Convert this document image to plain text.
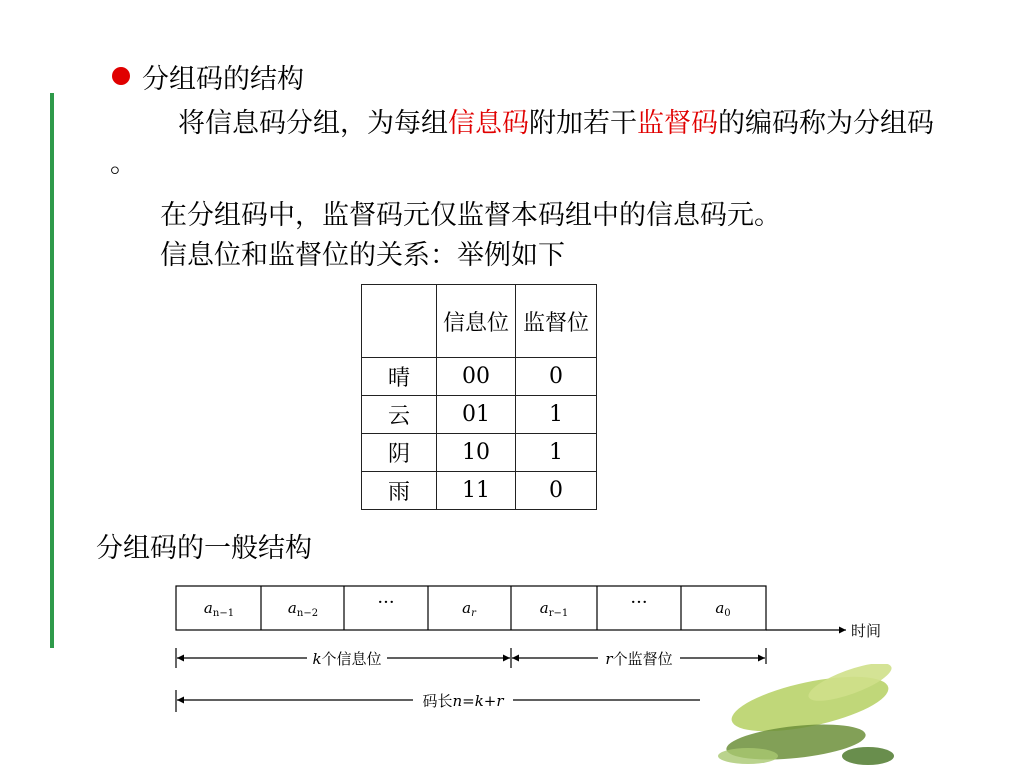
分组码的结构
将信息码分组，为每组信息码附加若干监督码的编码称为分组码 。
在分组码中，监督码元仅监督本码组中的信息码元。
信息位和监督位的关系：举例如下
	信息位	监督位
晴	00	0
云	01	1
阴	10	1
雨	11	0
分组码的一般结构
$a_{n-1}$	$a_{n-2}$
···	$a_r$	$a_{r-1}$
···	$a_0$
时间
k个信息位	r个监督位
码长n=k+r
